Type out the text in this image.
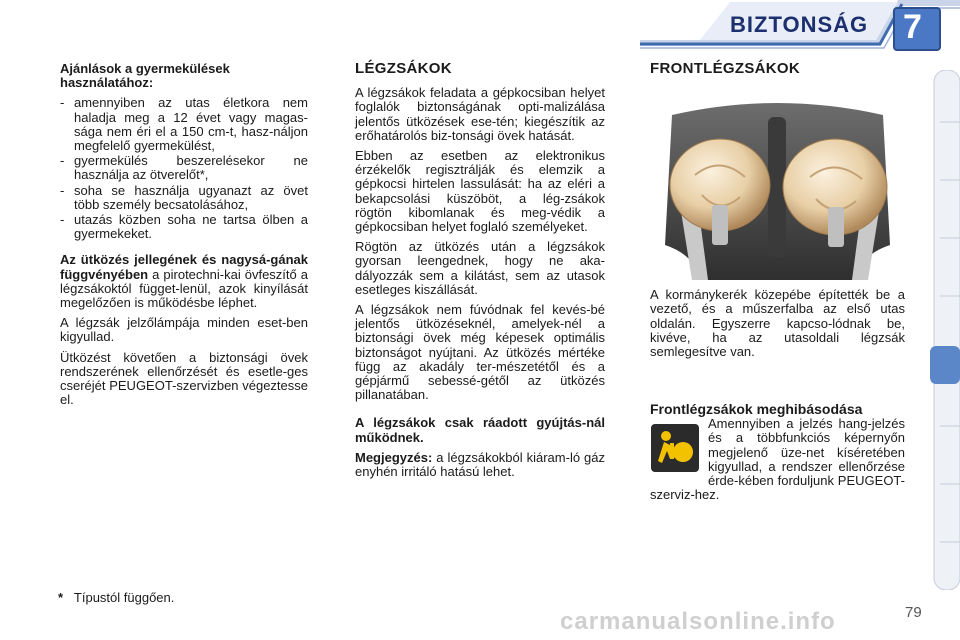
BIZTONSÁG 7
Ajánlások a gyermekülések használatához:
- amennyiben az utas életkora nem haladja meg a 12 évet vagy magas-sága nem éri el a 150 cm-t, hasz-náljon megfelelő gyermekülést,
- gyermekülés beszerelésekor ne használja az ötverelőt*,
- soha se használja ugyanazt az övet több személy becsatolásához,
- utazás közben soha ne tartsa ölben a gyermekeket.

Az ütközés jellegének és nagysá-gának függvényében a pirotechni-kai övfeszítő a légzsákoktól függet-lenül, azok kinyílását megelőzően is működésbe léphet.

A légzsák jelzőlámpája minden eset-ben kigyullad.

Ütközést követően a biztonsági övek rendszerének ellenőrzését és esetle-ges cseréjét PEUGEOT-szervizben végeztesse el.

LÉGZSÁKOK

A légzsákok feladata a gépkocsiban helyet foglalók biztonságának opti-malizálása jelentős ütközések ese-tén; kiegészítik az erőhatárolós biz-tonsági övek hatását.

Ebben az esetben az elektronikus érzékelők regisztrálják és elemzik a gépkocsi hirtelen lassulását: ha az eléri a bekapcsolási küszöböt, a lég-zsákok rögtön kibomlanak és meg-védik a gépkocsiban helyet foglaló személyeket.

Rögtön az ütközés után a légzsákok gyorsan leengednek, hogy ne aka-dályozzák sem a kilátást, sem az utasok esetleges kiszállását.

A légzsákok nem fúvódnak fel kevés-bé jelentős ütközéseknél, amelyek-nél a biztonsági övek még képesek optimális biztonságot nyújtani. Az ütközés mértéke függ az akadály ter-mészetétől és a gépjármű sebessé-gétől az ütközés pillanatában.

A légzsákok csak ráadott gyújtás-nál működnek.

Megjegyzés: a légzsákokból kiáram-ló gáz enyhén irritáló hatású lehet.

FRONTLÉGZSÁKOK

A kormánykerék közepébe építették be a vezető, és a műszerfalba az első utas oldalán. Egyszerre kapcso-lódnak be, kivéve, ha az utasoldali légzsák semlegesítve van.

Frontlégzsákok meghibásodása

Amennyiben a jelzés hang-jelzés és a többfunkciós képernyőn megjelenő üze-net kíséretében kigyullad, a rendszer ellenőrzése érde-kében forduljunk PEUGEOT-szerviz-hez.

* Típustól függően.
carmanualsonline.info	79
